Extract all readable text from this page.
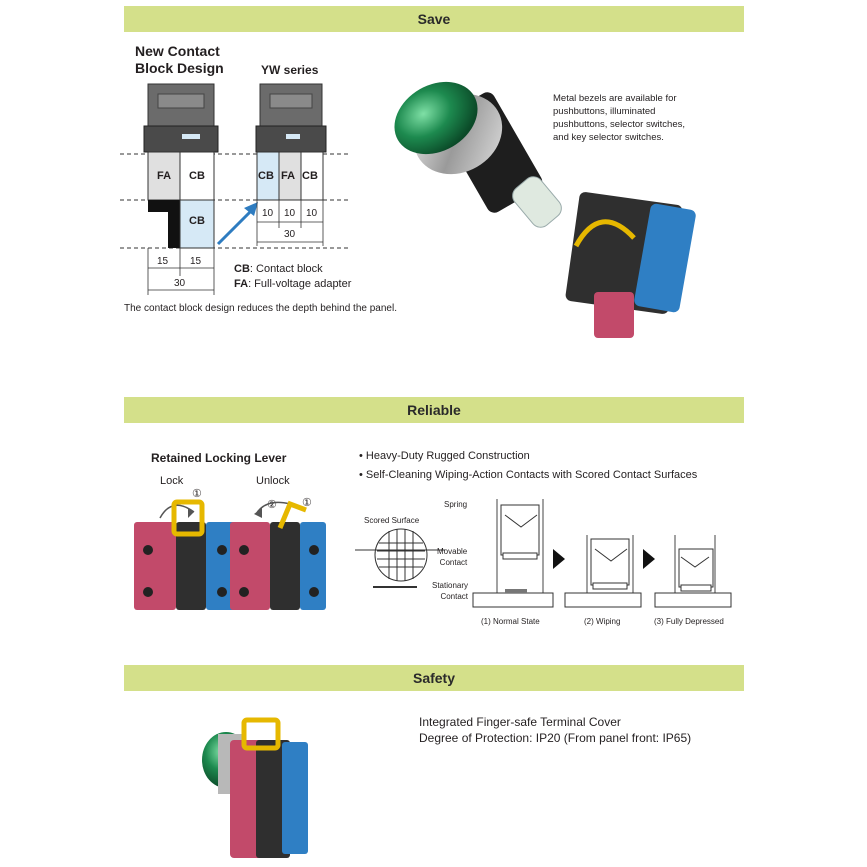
Save
New Contact
Block Design	YW series
FA CB
CB
CB FA CB
15 15
30
10 10 10
30
CB: Contact block
FA: Full-voltage adapter
The contact block design reduces the depth behind the panel.
Metal bezels are available for
pushbuttons, illuminated
pushbuttons, selector switches,
and key selector switches.
Reliable
Retained Locking Lever
Lock
①
Unlock
② ①
• Heavy-Duty Rugged Construction
• Self-Cleaning Wiping-Action Contacts with Scored Contact Surfaces
Scored Surface
Spring
Movable
Contact
Stationary
Contact
(1) Normal State	(2) Wiping	(3) Fully Depressed
Safety
Integrated Finger-safe Terminal Cover
Degree of Protection: IP20 (From panel front: IP65)
